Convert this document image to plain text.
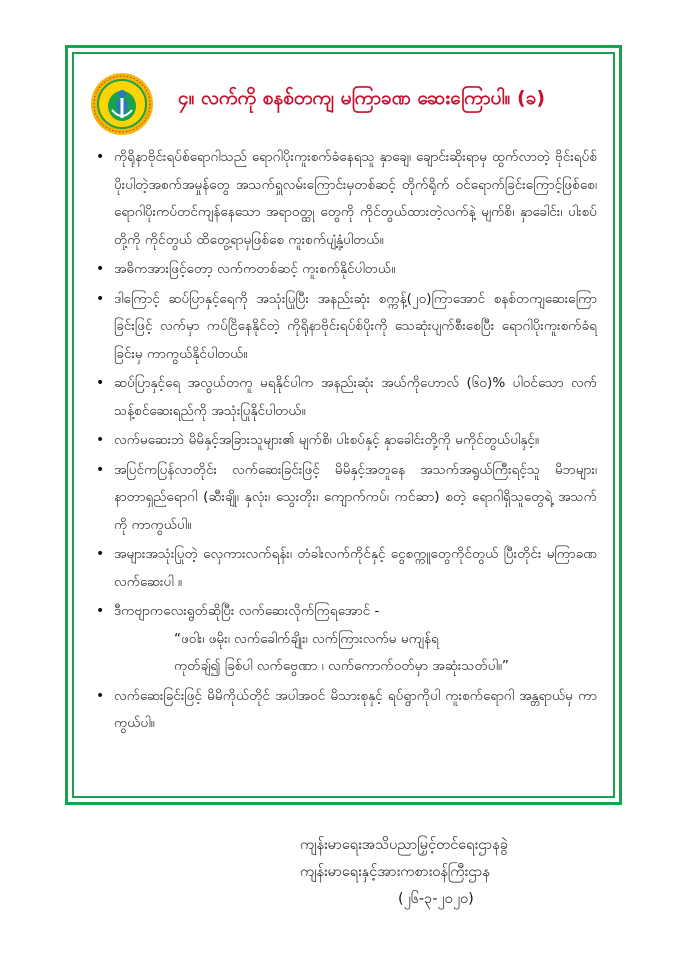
၄။ လက်ကို စနစ်တကျ မကြာခဏ ဆေးကြောပါ။ (ခ)
• ကိုရိုနာဗိုင်းရပ်စ်ရောဂါသည် ရောဂါပိုးကူးစက်ခံနေရသူ နှာချေ၊ ချောင်းဆိုးရာမှ ထွက်လာတဲ့ ဗိုင်းရပ်စ်ပိုးပါတဲ့အစက်အမှုန်တွေ အသက်ရှူလမ်းကြောင်းမှတစ်ဆင့် တိုက်ရိုက် ဝင်ရောက်ခြင်းကြောင့်ဖြစ်စေ၊ ရောဂါပိုးကပ်တင်ကျန်နေသော အရာဝတ္ထု တွေကို ကိုင်တွယ်ထားတဲ့လက်နဲ့ မျက်စိ၊ နှာခေါင်း၊ ပါးစပ်တို့ကို ကိုင်တွယ် ထိတွေ့ရာမှဖြစ်စေ ကူးစက်ပျံ့နှံ့ပါတယ်။
• အဓိကအားဖြင့်တော့ လက်ကတစ်ဆင့် ကူးစက်နိုင်ပါတယ်။
• ဒါကြောင့် ဆပ်ပြာနှင့်ရေကို အသုံးပြုပြီး အနည်းဆုံး စက္ကန့်(၂၀)ကြာအောင် စနစ်တကျဆေးကြောခြင်းဖြင့် လက်မှာ ကပ်ငြိနေနိုင်တဲ့ ကိုရိုနာဗိုင်းရပ်စ်ပိုးကို သေဆုံးပျက်စီးစေပြီး ရောဂါပိုးကူးစက်ခံရခြင်းမှ ကာကွယ်နိုင်ပါတယ်။
• ဆပ်ပြာနှင့်ရေ အလွယ်တကူ မရနိုင်ပါက အနည်းဆုံး အယ်ကိုဟောလ် (၆၀)% ပါဝင်သော လက်သန့်စင်ဆေးရည်ကို အသုံးပြုနိုင်ပါတယ်။
• လက်မဆေးဘဲ မိမိနှင့်အခြားသူများ၏ မျက်စိ၊ ပါးစပ်နှင့် နှာခေါင်းတို့ကို မကိုင်တွယ်ပါနှင့်။
• အပြင်ကပြန်လာတိုင်း လက်ဆေးခြင်းဖြင့် မိမိနှင့်အတူနေ အသက်အရွယ်ကြီးရင့်သူ မိဘများ၊ နာတာရှည်ရောဂါ (ဆီးချို၊ နှလုံး၊ သွေးတိုး၊ ကျောက်ကပ်၊ ကင်ဆာ) စတဲ့ ရောဂါရှိသူတွေရဲ့ အသက်ကို ကာကွယ်ပါ။
• အများအသုံးပြုတဲ့ လှေကားလက်ရန်း၊ တံခါးလက်ကိုင်နှင့် ငွေစက္ကူတွေကိုင်တွယ် ပြီးတိုင်း မကြာခဏ လက်ဆေးပါ ။
• ဒီကဗျာကလေးရွတ်ဆိုပြီး လက်ဆေးလိုက်ကြရအောင် -
“ဖဝါး၊ ဖမိုး၊ လက်ခေါက်ချိုး၊ လက်ကြားလက်မ မကျန်ရ
ကုတ်ချ်၍ ခြစ်ပါ လက်ဗွေဏာ ၊ လက်ကောက်ဝတ်မှာ အဆုံးသတ်ပါ။”
• လက်ဆေးခြင်းဖြင့် မိမိကိုယ်တိုင် အပါအဝင် မိသားစုနှင့် ရပ်ရွာကိုပါ ကူးစက်ရောဂါ အန္တရာယ်မှ ကာကွယ်ပါ။
ကျန်းမာရေးအသိပညာမြှင့်တင်ရေးဌာနခွဲ
ကျန်းမာရေးနှင့်အားကစားဝန်ကြီးဌာန
(၂၆-၃-၂၀၂၀)
